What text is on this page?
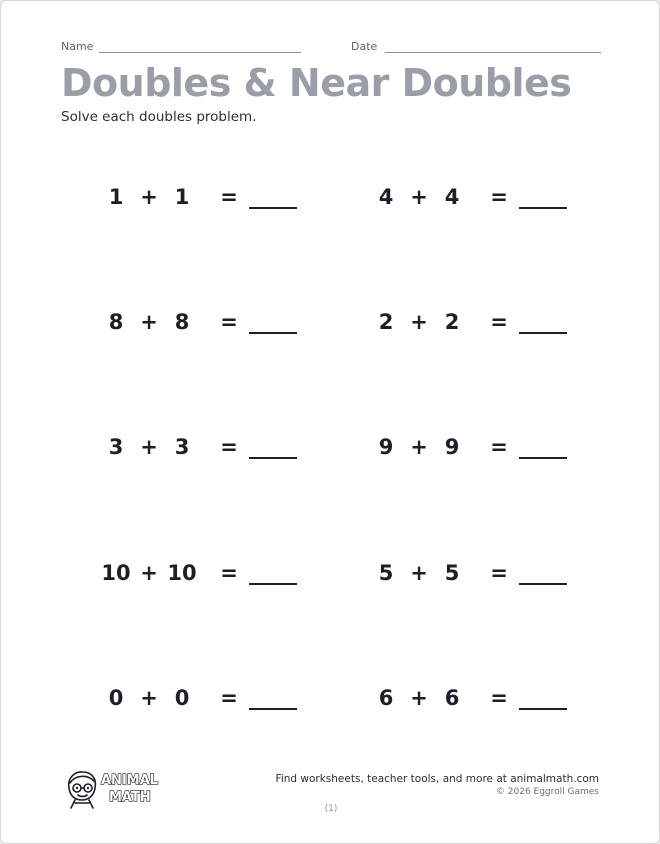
Name	Date
Doubles & Near Doubles
Solve each doubles problem.
1 + 1	=	4 + 4	=
8 + 8	=	2 + 2	=
3 + 3	=	9 + 9	=
10 + 10 =	5 + 5	=
0 + 0	=	6 + 6	=
ANIMAL
MATH
Find worksheets, teacher tools, and more at animalmath.com
© 2026 Eggroll Games
(1)
